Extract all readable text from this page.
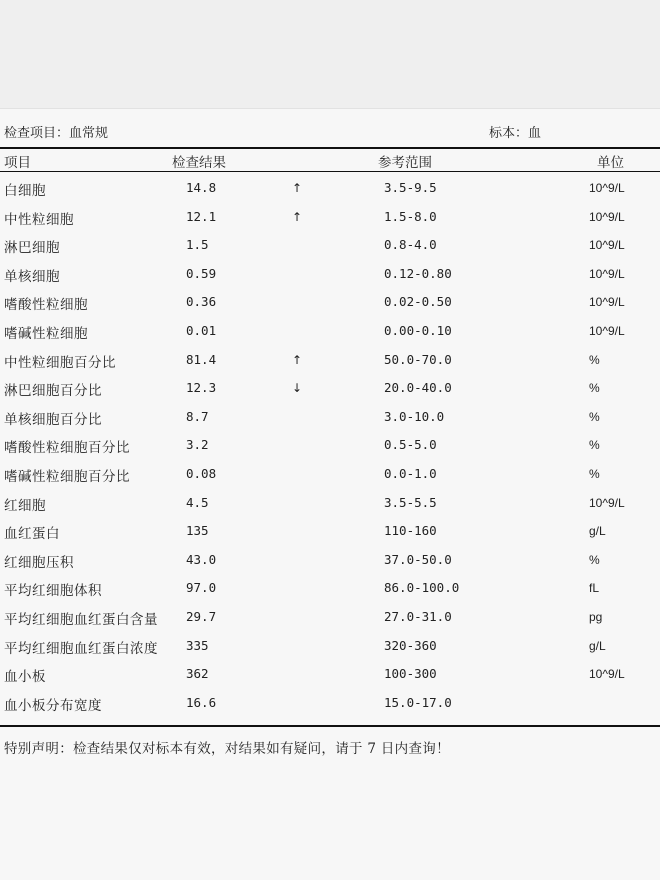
检查项目：血常规	标本：血
项目	检查结果	参考范围	单位
白细胞	14.8	↑	3.5-9.5	10^9/L
中性粒细胞	12.1	↑	1.5-8.0	10^9/L
淋巴细胞	1.5	0.8-4.0	10^9/L
单核细胞	0.59	0.12-0.80	10^9/L
嗜酸性粒细胞	0.36	0.02-0.50	10^9/L
嗜碱性粒细胞	0.01	0.00-0.10	10^9/L
中性粒细胞百分比	81.4	↑	50.0-70.0	%
淋巴细胞百分比	12.3	↓	20.0-40.0	%
单核细胞百分比	8.7	3.0-10.0	%
嗜酸性粒细胞百分比	3.2	0.5-5.0	%
嗜碱性粒细胞百分比	0.08	0.0-1.0	%
红细胞	4.5	3.5-5.5	10^9/L
血红蛋白	135	110-160	g/L
红细胞压积	43.0	37.0-50.0	%
平均红细胞体积	97.0	86.0-100.0	fL
平均红细胞血红蛋白含量 29.7	27.0-31.0	pg
平均红细胞血红蛋白浓度 335	320-360	g/L
血小板	362	100-300	10^9/L
血小板分布宽度	16.6	15.0-17.0
特别声明：检查结果仅对标本有效，对结果如有疑问，请于 7 日内查询！
